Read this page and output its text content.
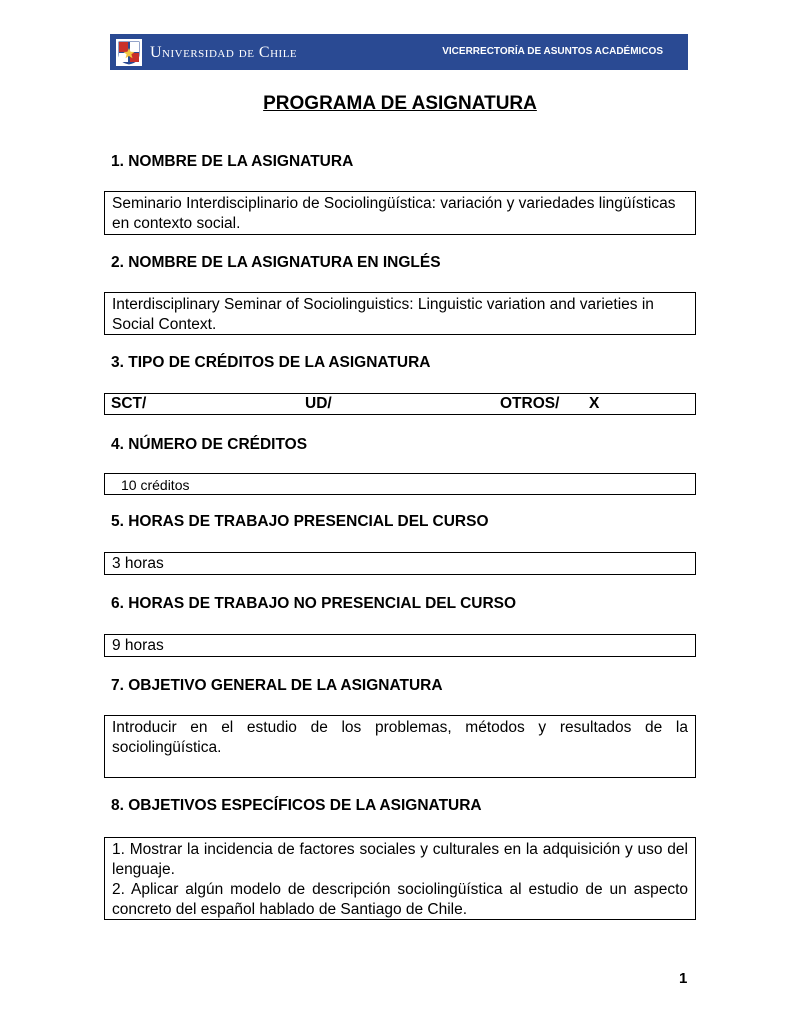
Universidad de Chile	VICERRECTORÍA DE ASUNTOS ACADÉMICOS
PROGRAMA DE ASIGNATURA
1. NOMBRE DE LA ASIGNATURA
Seminario Interdisciplinario de Sociolingüística: variación y variedades lingüísticas en contexto social.
2. NOMBRE DE LA ASIGNATURA EN INGLÉS
Interdisciplinary Seminar of Sociolinguistics: Linguistic variation and varieties in Social Context.
3. TIPO DE CRÉDITOS DE LA ASIGNATURA
SCT/	UD/	OTROS/ X
4. NÚMERO DE CRÉDITOS
10 créditos
5. HORAS DE TRABAJO PRESENCIAL DEL CURSO
3 horas
6. HORAS DE TRABAJO NO PRESENCIAL DEL CURSO
9 horas
7. OBJETIVO GENERAL DE LA ASIGNATURA
Introducir en el estudio de los problemas, métodos y resultados de la sociolingüística.
8. OBJETIVOS ESPECÍFICOS DE LA ASIGNATURA
1. Mostrar la incidencia de factores sociales y culturales en la adquisición y uso del lenguaje.
2. Aplicar algún modelo de descripción sociolingüística al estudio de un aspecto concreto del español hablado de Santiago de Chile.
1
